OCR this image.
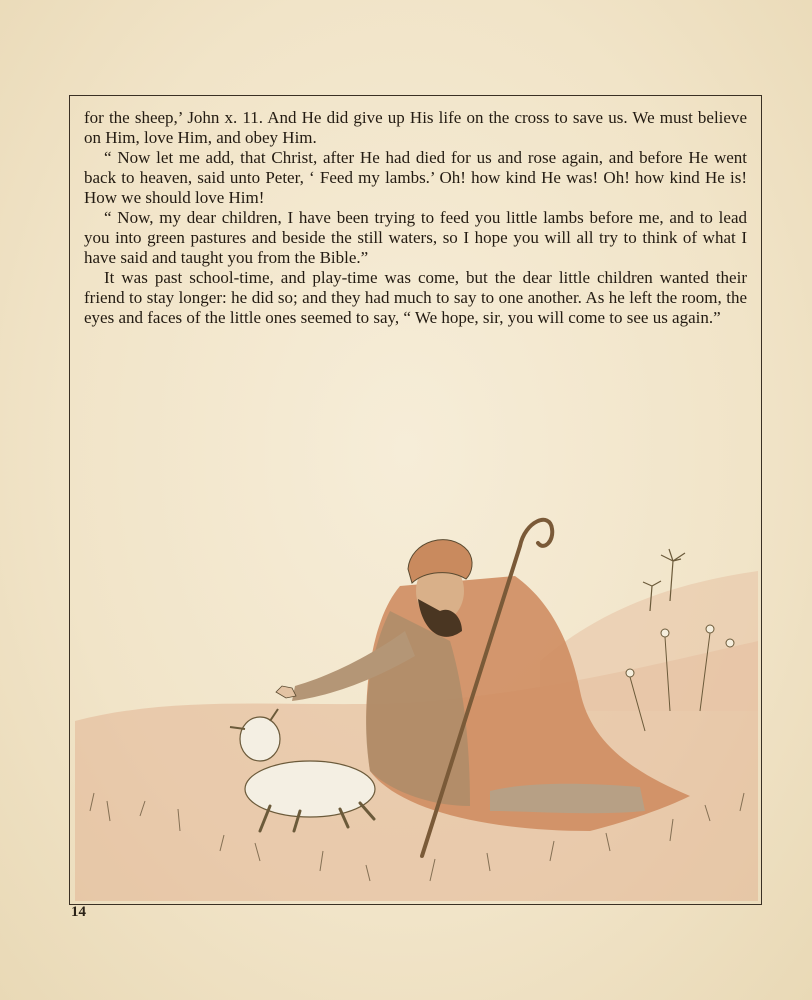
for the sheep,’ John x. 11. And He did give up His life on the cross to save us. We must believe on Him, love Him, and obey Him.

“ Now let me add, that Christ, after He had died for us and rose again, and before He went back to heaven, said unto Peter, ‘ Feed my lambs.’ Oh! how kind He was! Oh! how kind He is! How we should love Him!

“ Now, my dear children, I have been trying to feed you little lambs before me, and to lead you into green pastures and beside the still waters, so I hope you will all try to think of what I have said and taught you from the Bible.”

It was past school-time, and play-time was come, but the dear little children wanted their friend to stay longer: he did so; and they had much to say to one another. As he left the room, the eyes and faces of the little ones seemed to say, “ We hope, sir, you will come to see us again.”

14
